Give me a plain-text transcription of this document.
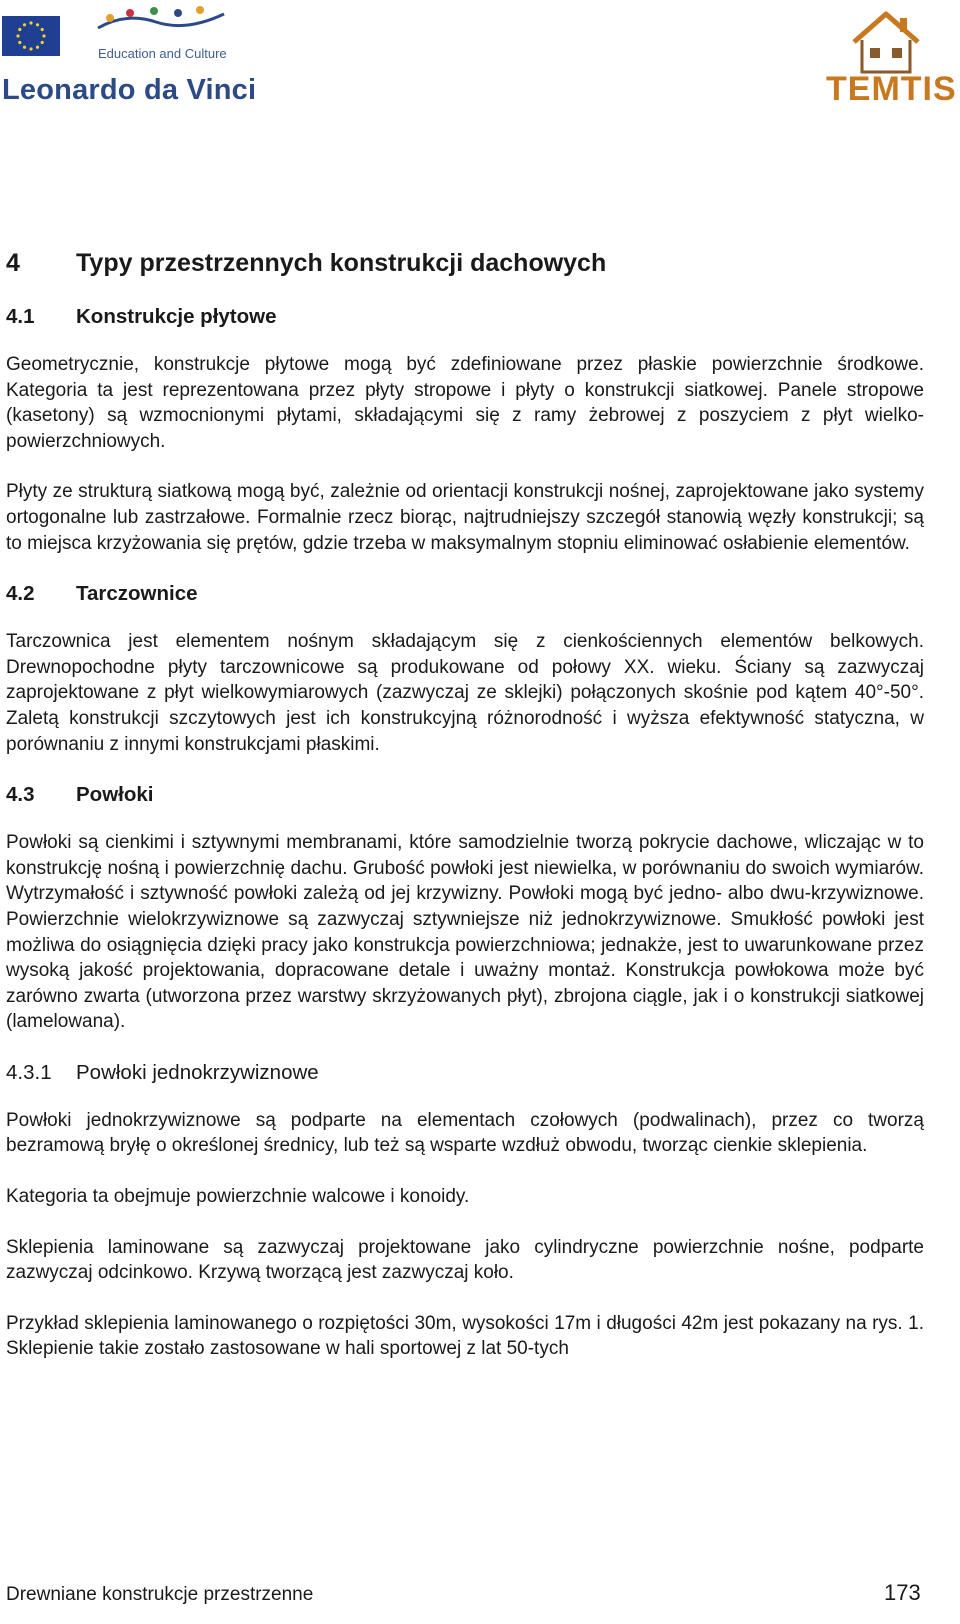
Education and Culture
Leonardo da Vinci	TEMTIS
4	Typy przestrzennych konstrukcji dachowych
4.1	Konstrukcje płytowe

Geometrycznie, konstrukcje płytowe mogą być zdefiniowane przez płaskie powierzchnie środkowe. Kategoria ta jest reprezentowana przez płyty stropowe i płyty o konstrukcji siatkowej. Panele stropowe (kasetony) są wzmocnionymi płytami, składającymi się z ramy żebrowej z poszyciem z płyt wielko-powierzchniowych.

Płyty ze strukturą siatkową mogą być, zależnie od orientacji konstrukcji nośnej, zaprojektowane jako systemy ortogonalne lub zastrzałowe. Formalnie rzecz biorąc, najtrudniejszy szczegół stanowią węzły konstrukcji; są to miejsca krzyżowania się prętów, gdzie trzeba w maksymalnym stopniu eliminować osłabienie elementów.

4.2	Tarczownice

Tarczownica jest elementem nośnym składającym się z cienkościennych elementów belkowych. Drewnopochodne płyty tarczownicowe są produkowane od połowy XX. wieku. Ściany są zazwyczaj zaprojektowane z płyt wielkowymiarowych (zazwyczaj ze sklejki) połączonych skośnie pod kątem 40°-50°. Zaletą konstrukcji szczytowych jest ich konstrukcyjną różnorodność i wyższa efektywność statyczna, w porównaniu z innymi konstrukcjami płaskimi.

4.3	Powłoki

Powłoki są cienkimi i sztywnymi membranami, które samodzielnie tworzą pokrycie dachowe, wliczając w to konstrukcję nośną i powierzchnię dachu. Grubość powłoki jest niewielka, w porównaniu do swoich wymiarów. Wytrzymałość i sztywność powłoki zależą od jej krzywizny. Powłoki mogą być jedno- albo dwu-krzywiznowe. Powierzchnie wielokrzywiznowe są zazwyczaj sztywniejsze niż jednokrzywiznowe. Smukłość powłoki jest możliwa do osiągnięcia dzięki pracy jako konstrukcja powierzchniowa; jednakże, jest to uwarunkowane przez wysoką jakość projektowania, dopracowane detale i uważny montaż. Konstrukcja powłokowa może być zarówno zwarta (utworzona przez warstwy skrzyżowanych płyt), zbrojona ciągle, jak i o konstrukcji siatkowej (lamelowana).

4.3.1	Powłoki jednokrzywiznowe

Powłoki jednokrzywiznowe są podparte na elementach czołowych (podwalinach), przez co tworzą bezramową bryłę o określonej średnicy, lub też są wsparte wzdłuż obwodu, tworząc cienkie sklepienia.

Kategoria ta obejmuje powierzchnie walcowe i konoidy.

Sklepienia laminowane są zazwyczaj projektowane jako cylindryczne powierzchnie nośne, podparte zazwyczaj odcinkowo. Krzywą tworzącą jest zazwyczaj koło.

Przykład sklepienia laminowanego o rozpiętości 30m, wysokości 17m i długości 42m jest pokazany na rys. 1. Sklepienie takie zostało zastosowane w hali sportowej z lat 50-tych

Drewniane konstrukcje przestrzenne	173
